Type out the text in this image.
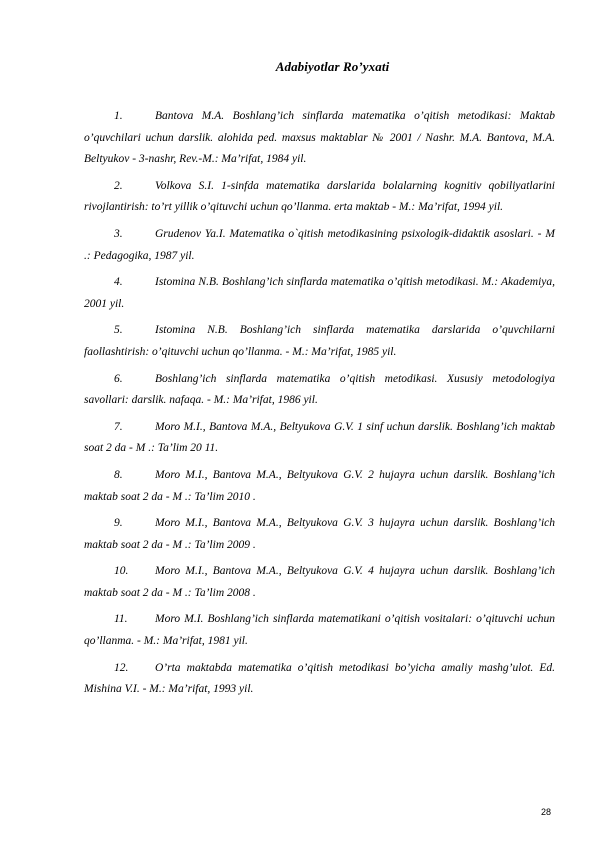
Adabiyotlar Ro’yxati

1.	Bantova M.A. Boshlang’ich sinflarda matematika o’qitish metodikasi: Maktab o’quvchilari uchun darslik. alohida ped. maxsus maktablar № 2001 / Nashr. M.A. Bantova, M.A. Beltyukov - 3-nashr, Rev.-M.: Ma’rifat, 1984 yil.

2.	Volkova S.I. 1-sinfda matematika darslarida bolalarning kognitiv qobiliyatlarini rivojlantirish: to’rt yillik o’qituvchi uchun qo’llanma. erta maktab - M.: Ma’rifat, 1994 yil.

3.	Grudenov Ya.I. Matematika o`qitish metodikasining psixologik-didaktik asoslari. - M .: Pedagogika, 1987 yil.

4.	Istomina N.B. Boshlang’ich sinflarda matematika o’qitish metodikasi. M.: Akademiya, 2001 yil.

5.	Istomina N.B. Boshlang’ich sinflarda matematika darslarida o’quvchilarni faollashtirish: o’qituvchi uchun qo’llanma. - M.: Ma’rifat, 1985 yil.

6.	Boshlang’ich sinflarda matematika o’qitish metodikasi. Xususiy metodologiya savollari: darslik. nafaqa. - M.: Ma’rifat, 1986 yil.

7.	Moro M.I., Bantova M.A., Beltyukova G.V. 1 sinf uchun darslik. Boshlang’ich maktab soat 2 da - M .: Ta’lim 20 11.

8.	Moro M.I., Bantova M.A., Beltyukova G.V. 2 hujayra uchun darslik. Boshlang’ich maktab soat 2 da - M .: Ta’lim 2010 .

9.	Moro M.I., Bantova M.A., Beltyukova G.V. 3 hujayra uchun darslik. Boshlang’ich maktab soat 2 da - M .: Ta’lim 2009 .

10. Moro M.I., Bantova M.A., Beltyukova G.V. 4 hujayra uchun darslik. Boshlang’ich maktab soat 2 da - M .: Ta’lim 2008 .

11. Moro M.I. Boshlang’ich sinflarda matematikani o’qitish vositalari: o’qituvchi uchun qo’llanma. - M.: Ma’rifat, 1981 yil.

12. O’rta maktabda matematika o’qitish metodikasi bo’yicha amaliy mashg’ulot. Ed. Mishina V.I. - M.: Ma’rifat, 1993 yil.

28
